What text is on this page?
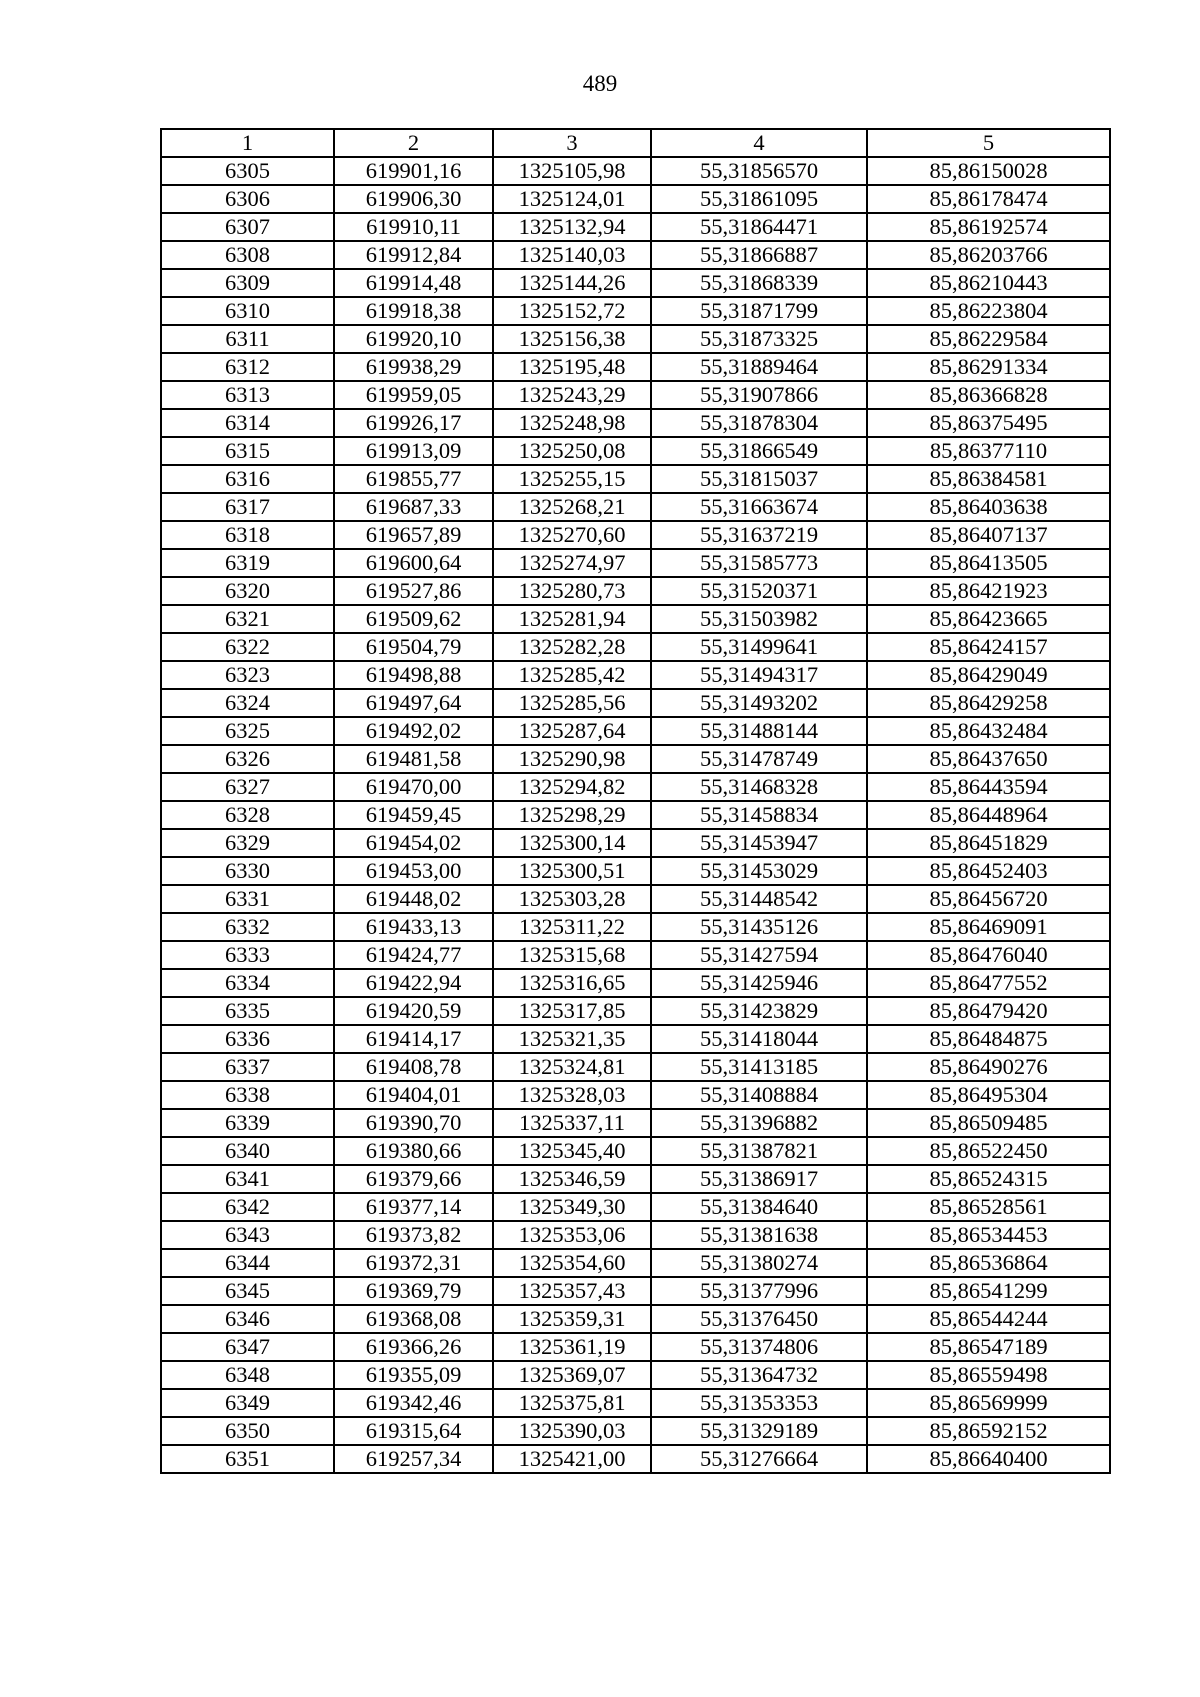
489
1	2	3	4	5
6305	619901,16	1325105,98	55,31856570	85,86150028
6306	619906,30	1325124,01	55,31861095	85,86178474
6307	619910,11	1325132,94	55,31864471	85,86192574
6308	619912,84	1325140,03	55,31866887	85,86203766
6309	619914,48	1325144,26	55,31868339	85,86210443
6310	619918,38	1325152,72	55,31871799	85,86223804
6311	619920,10	1325156,38	55,31873325	85,86229584
6312	619938,29	1325195,48	55,31889464	85,86291334
6313	619959,05	1325243,29	55,31907866	85,86366828
6314	619926,17	1325248,98	55,31878304	85,86375495
6315	619913,09	1325250,08	55,31866549	85,86377110
6316	619855,77	1325255,15	55,31815037	85,86384581
6317	619687,33	1325268,21	55,31663674	85,86403638
6318	619657,89	1325270,60	55,31637219	85,86407137
6319	619600,64	1325274,97	55,31585773	85,86413505
6320	619527,86	1325280,73	55,31520371	85,86421923
6321	619509,62	1325281,94	55,31503982	85,86423665
6322	619504,79	1325282,28	55,31499641	85,86424157
6323	619498,88	1325285,42	55,31494317	85,86429049
6324	619497,64	1325285,56	55,31493202	85,86429258
6325	619492,02	1325287,64	55,31488144	85,86432484
6326	619481,58	1325290,98	55,31478749	85,86437650
6327	619470,00	1325294,82	55,31468328	85,86443594
6328	619459,45	1325298,29	55,31458834	85,86448964
6329	619454,02	1325300,14	55,31453947	85,86451829
6330	619453,00	1325300,51	55,31453029	85,86452403
6331	619448,02	1325303,28	55,31448542	85,86456720
6332	619433,13	1325311,22	55,31435126	85,86469091
6333	619424,77	1325315,68	55,31427594	85,86476040
6334	619422,94	1325316,65	55,31425946	85,86477552
6335	619420,59	1325317,85	55,31423829	85,86479420
6336	619414,17	1325321,35	55,31418044	85,86484875
6337	619408,78	1325324,81	55,31413185	85,86490276
6338	619404,01	1325328,03	55,31408884	85,86495304
6339	619390,70	1325337,11	55,31396882	85,86509485
6340	619380,66	1325345,40	55,31387821	85,86522450
6341	619379,66	1325346,59	55,31386917	85,86524315
6342	619377,14	1325349,30	55,31384640	85,86528561
6343	619373,82	1325353,06	55,31381638	85,86534453
6344	619372,31	1325354,60	55,31380274	85,86536864
6345	619369,79	1325357,43	55,31377996	85,86541299
6346	619368,08	1325359,31	55,31376450	85,86544244
6347	619366,26	1325361,19	55,31374806	85,86547189
6348	619355,09	1325369,07	55,31364732	85,86559498
6349	619342,46	1325375,81	55,31353353	85,86569999
6350	619315,64	1325390,03	55,31329189	85,86592152
6351	619257,34	1325421,00	55,31276664	85,86640400
